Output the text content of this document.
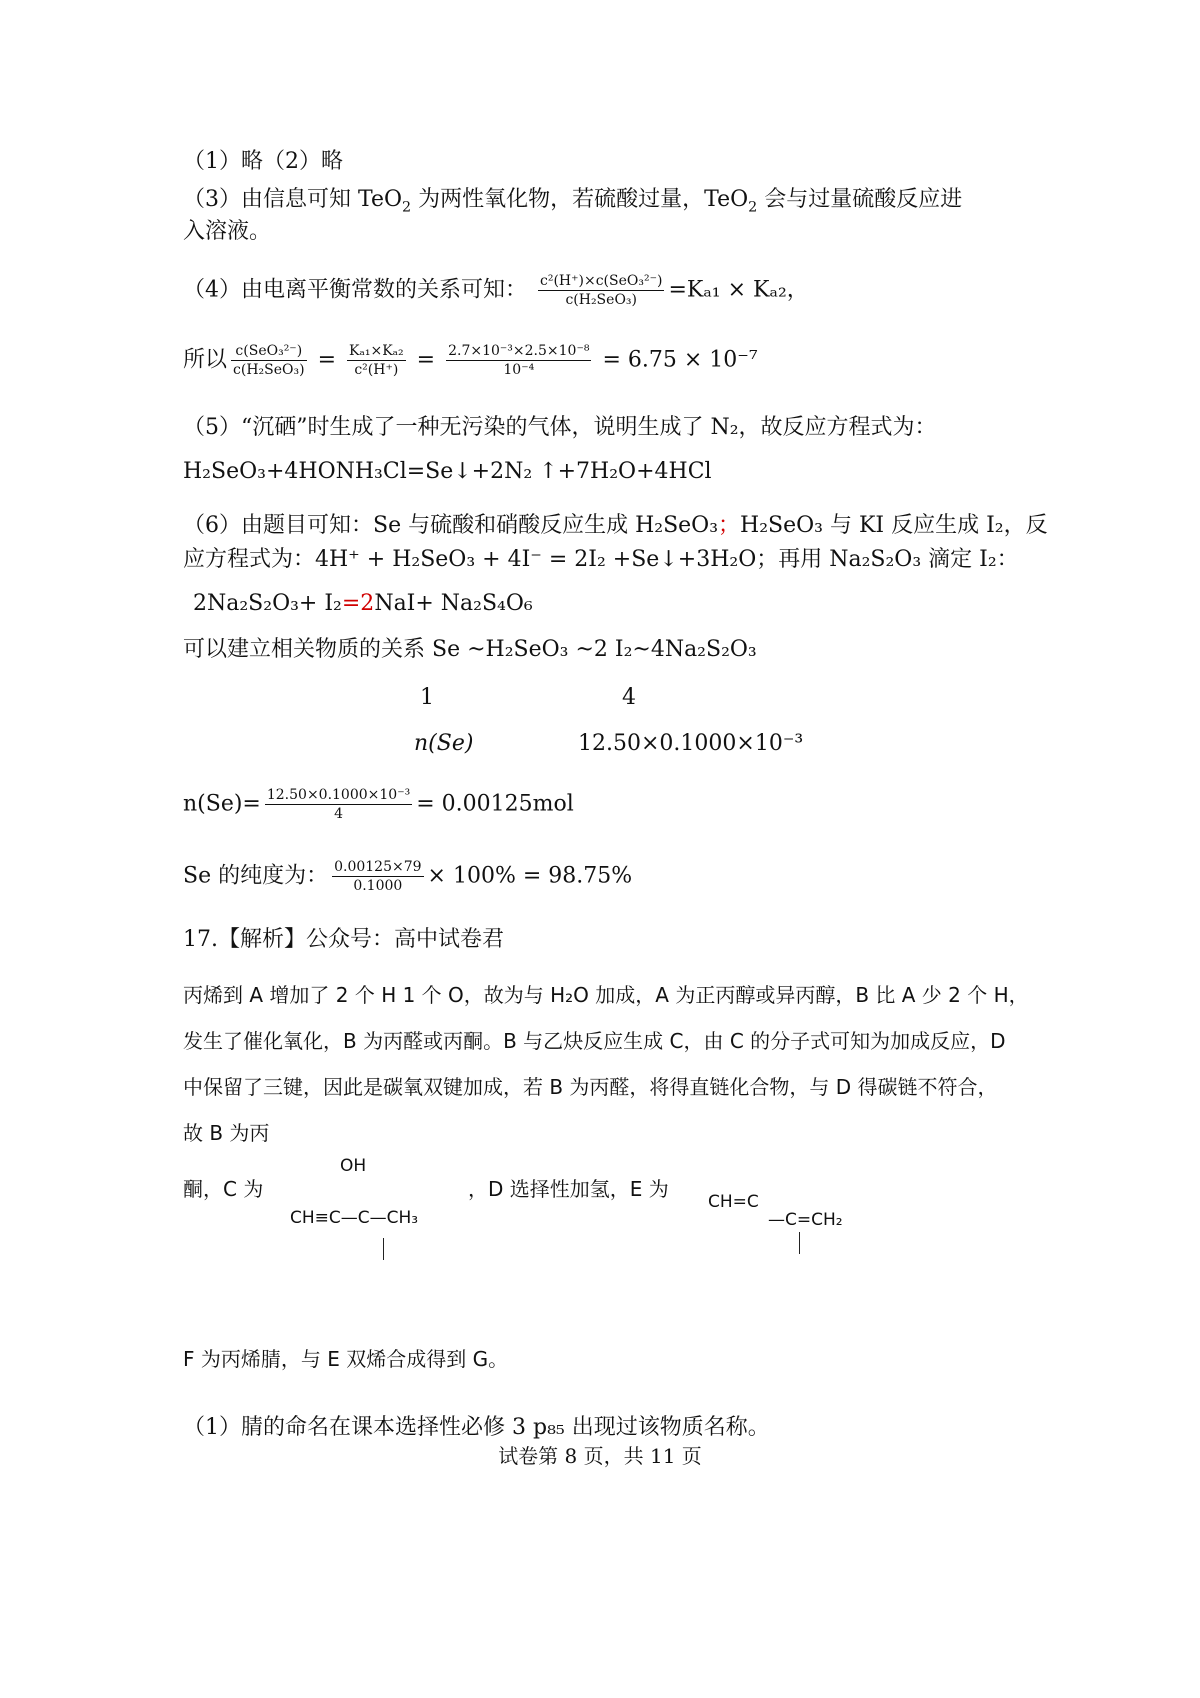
（1）略（2）略
（3）由信息可知 TeO$_2$ 为两性氧化物，若硫酸过量，TeO$_2$ 会与过量硫酸反应进
入溶液。
（4）由电离平衡常数的关系可知： $\frac{\text{c²(H⁺)×c(SeO₃²⁻)}}{\text{c(H₂SeO₃)}} =K_{a1} \times K_{a2}$，
所以 $\frac{\text{c(SeO₃²⁻)}}{\text{c(H₂SeO₃)}} = \frac{\text{Kₐ₁×Kₐ₂}}{\text{c²(H⁺)}} = \frac{\text{2.7×10⁻³×2.5×10⁻⁸}}{\text{10⁻⁴}} = 6.75 \times 10^{-7}$
（5）“沉硒”时生成了一种无污染的气体，说明生成了 N₂，故反应方程式为：
H₂SeO₃+4HONH₃Cl=Se↓+2N₂ ↑+7H₂O+4HCl
（6）由题目可知：Se 与硫酸和硝酸反应生成 H₂SeO₃；H₂SeO₃ 与 KI 反应生成 I₂，反
应方程式为：4H⁺ + H₂SeO₃ + 4I⁻ = 2I₂ +Se↓+3H₂O；再用 Na₂S₂O₃ 滴定 I₂：
2Na₂S₂O₃+ I₂=2NaI+ Na₂S₄O₆
可以建立相关物质的关系 Se ~H₂SeO₃ ~2 I₂~4Na₂S₂O₃
1	4
n(Se)	12.50×0.1000×10⁻³
$n(Se)= \frac{\text{12.50×0.1000×10⁻³}}{4} = 0.00125mol$
Se 的纯度为： $\frac{0.00125\times 79}{0.1000} \times 100\% = 98.75\%$
17.【解析】公众号：高中试卷君
丙烯到 A 增加了 2 个 H 1 个 O，故为与 H₂O 加成，A 为正丙醇或异丙醇，B 比 A 少 2 个 H，
发生了催化氧化，B 为丙醛或丙酮。B 与乙炔反应生成 C，由 C 的分子式可知为加成反应，D
中保留了三键，因此是碳氧双键加成，若 B 为丙醛，将得直链化合物，与 D 得碳链不符合，
故 B 为丙
酮，C 为
OH
CH≡C—C—CH₃
，D 选择性加氢，E 为
CH=C
—C=CH₂
F 为丙烯腈，与 E 双烯合成得到 G。
（1）腈的命名在课本选择性必修 3 p₈₅ 出现过该物质名称。
试卷第 8 页，共 11 页
